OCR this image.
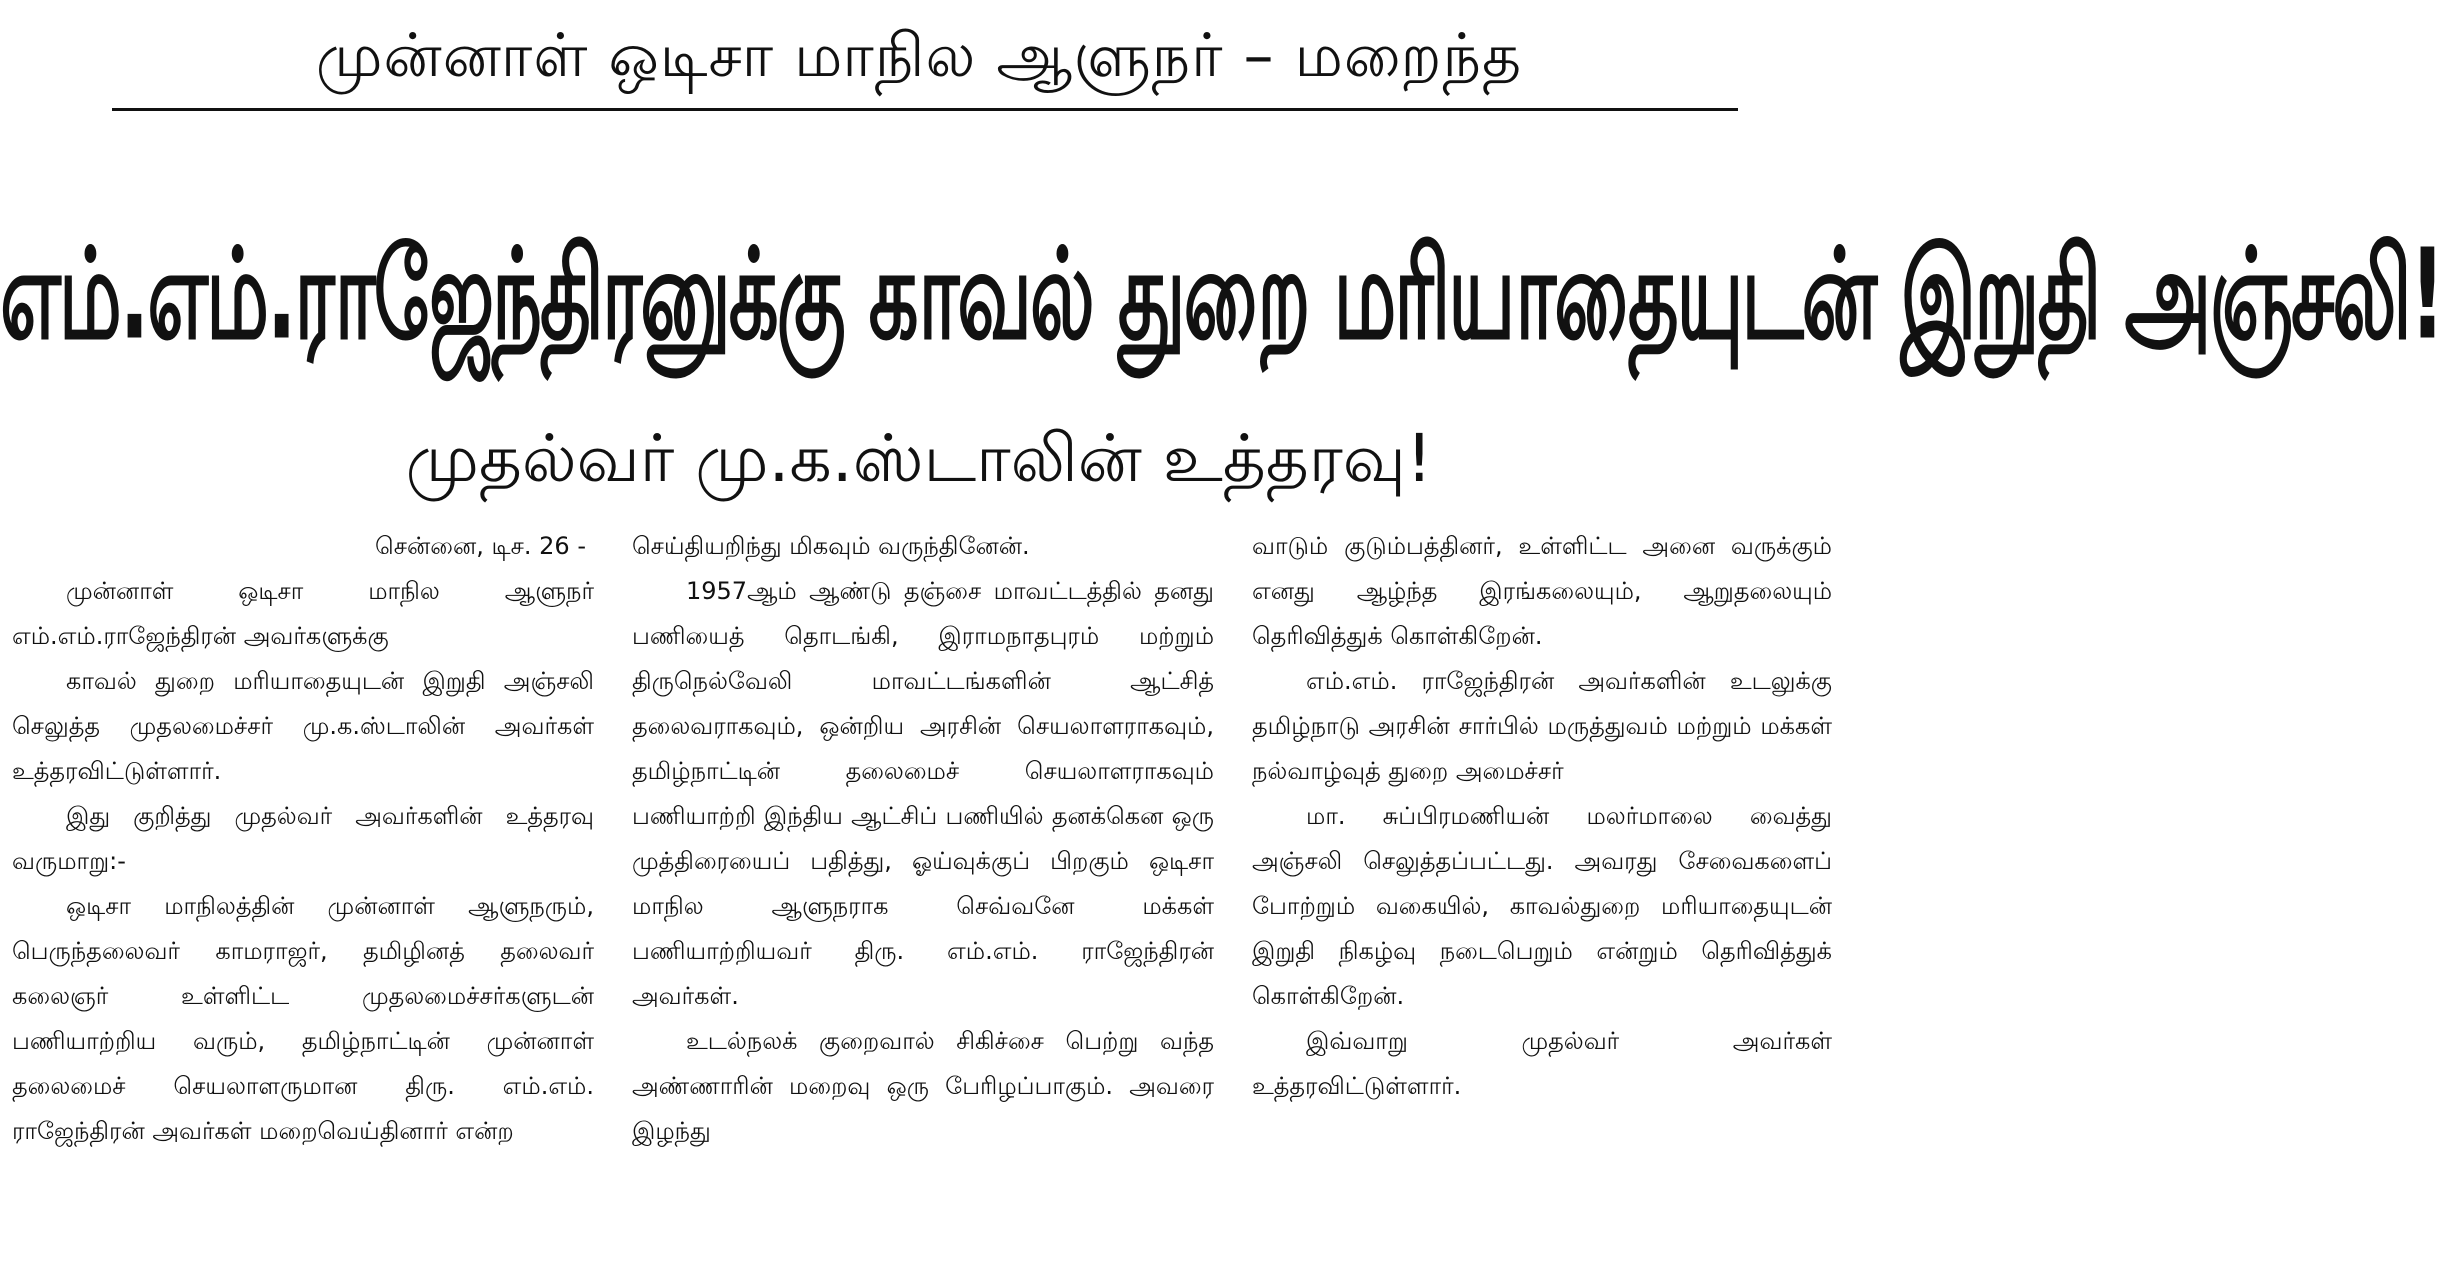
முன்னாள் ஒடிசா மாநில ஆளுநர் – மறைந்த
எம்.எம்.ராஜேந்திரனுக்கு காவல் துறை மரியாதையுடன் இறுதி அஞ்சலி!
முதல்வர் மு.க.ஸ்டாலின் உத்தரவு!

சென்னை, டிச. 26 -

முன்னாள் ஒடிசா மாநில ஆளுநர் எம்.எம்.ராஜேந்திரன் அவர்களுக்கு

காவல் துறை மரியாதையுடன் இறுதி அஞ்சலி செலுத்த முதலமைச்சர் மு.க.ஸ்டாலின் அவர்கள் உத்தரவிட்டுள்ளார்.

இது குறித்து முதல்வர் அவர்களின் உத்தரவு வருமாறு:-

ஒடிசா மாநிலத்தின் முன்னாள் ஆளுநரும், பெருந்தலைவர் காமராஜர், தமிழினத் தலைவர் கலைஞர் உள்ளிட்ட முதலமைச்சர்களுடன் பணியாற்றிய வரும், தமிழ்நாட்டின் முன்னாள் தலைமைச் செயலாளருமான திரு. எம்.எம். ராஜேந்திரன் அவர்கள் மறைவெய்தினார் என்ற

செய்தியறிந்து மிகவும் வருந்தினேன்.

1957ஆம் ஆண்டு தஞ்சை மாவட்டத்தில் தனது பணியைத் தொடங்கி, இராமநாதபுரம் மற்றும் திருநெல்வேலி மாவட்டங்களின் ஆட்சித் தலைவராகவும், ஒன்றிய அரசின் செயலாளராகவும், தமிழ்நாட்டின் தலைமைச் செயலாளராகவும் பணியாற்றி இந்திய ஆட்சிப் பணியில் தனக்கென ஒரு முத்திரையைப் பதித்து, ஓய்வுக்குப் பிறகும் ஒடிசா மாநில ஆளுநராக செவ்வனே மக்கள் பணியாற்றியவர் திரு. எம்.எம். ராஜேந்திரன் அவர்கள்.

உடல்நலக் குறைவால் சிகிச்சை பெற்று வந்த அண்ணாரின் மறைவு ஒரு பேரிழப்பாகும். அவரை இழந்து

வாடும் குடும்பத்தினர், உள்ளிட்ட அனை வருக்கும் எனது ஆழ்ந்த இரங்கலையும், ஆறுதலையும் தெரிவித்துக் கொள்கிறேன்.

எம்.எம். ராஜேந்திரன் அவர்களின் உடலுக்கு தமிழ்நாடு அரசின் சார்பில் மருத்துவம் மற்றும் மக்கள் நல்வாழ்வுத் துறை அமைச்சர்

மா. சுப்பிரமணியன் மலர்மாலை வைத்து அஞ்சலி செலுத்தப்பட்டது. அவரது சேவைகளைப் போற்றும் வகையில், காவல்துறை மரியாதையுடன் இறுதி நிகழ்வு நடைபெறும் என்றும் தெரிவித்துக் கொள்கிறேன்.

இவ்வாறு முதல்வர் அவர்கள் உத்தரவிட்டுள்ளார்.
